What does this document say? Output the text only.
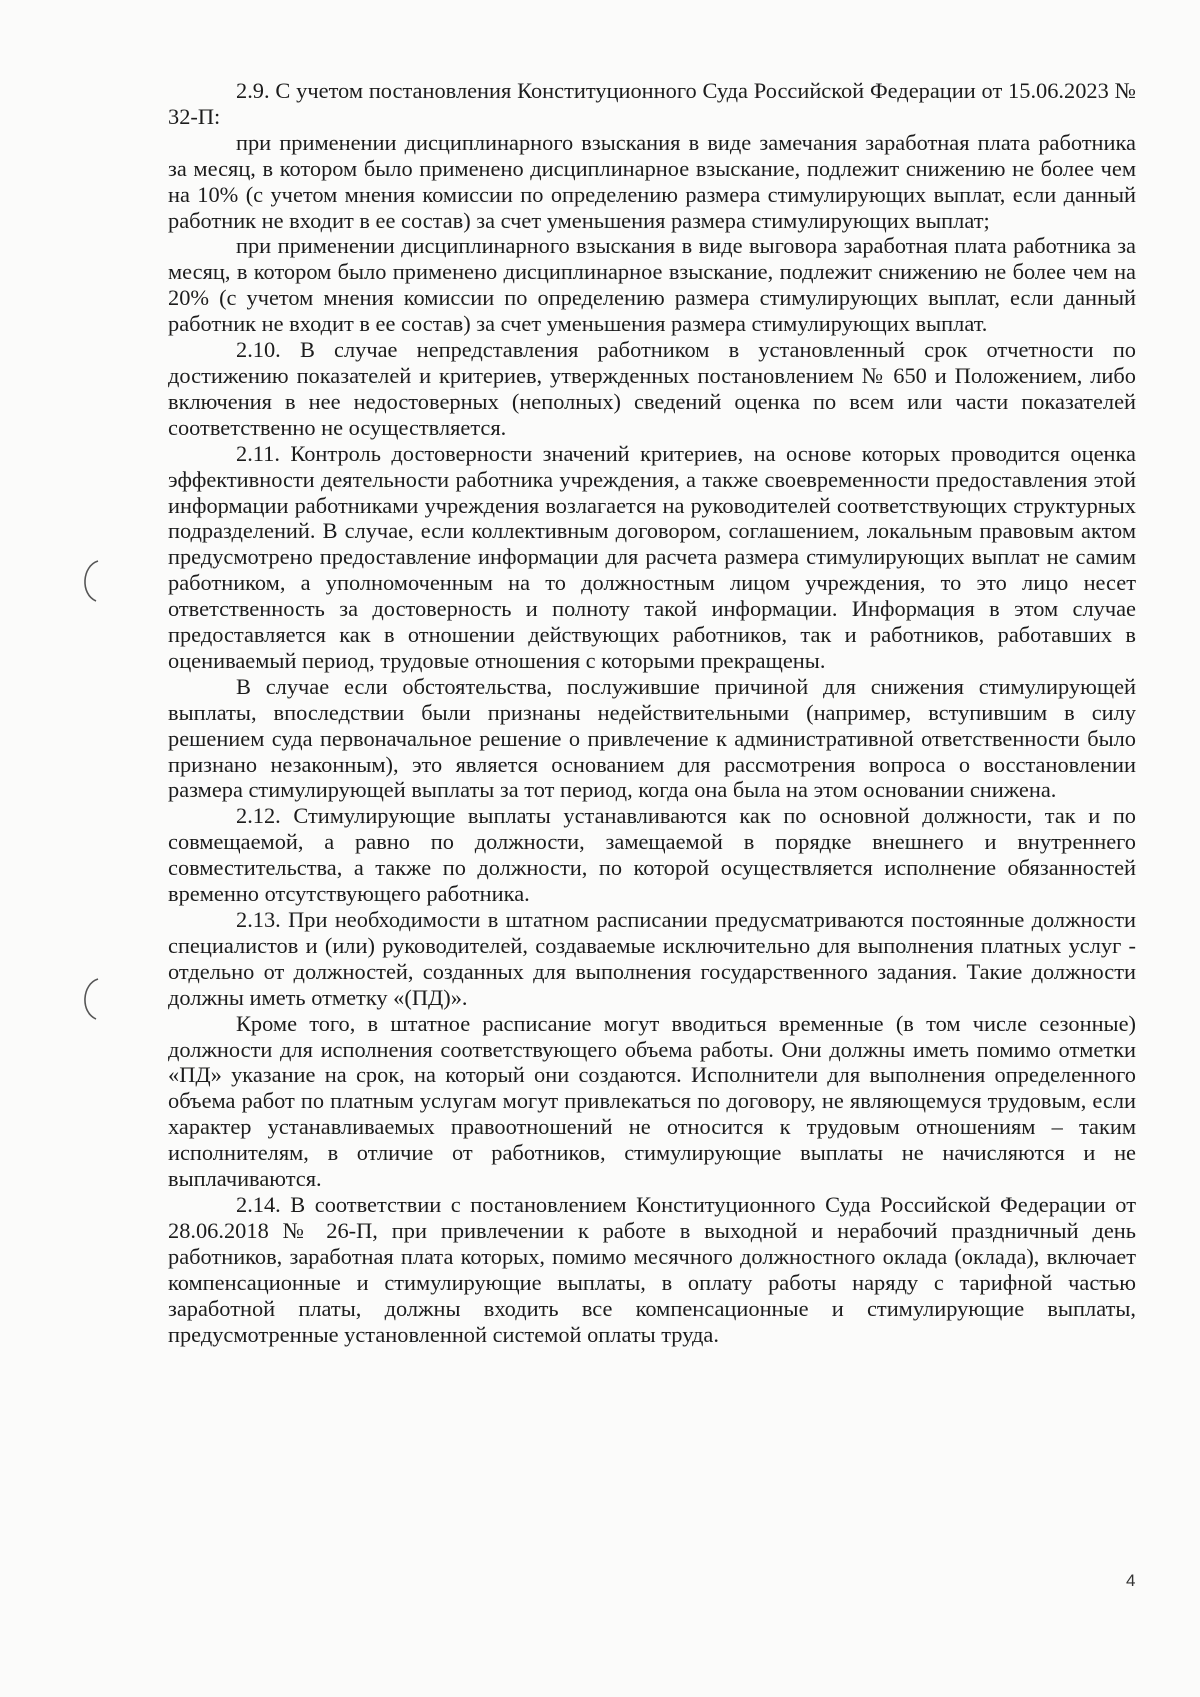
2.9. С учетом постановления Конституционного Суда Российской Федерации от 15.06.2023 № 32-П:

при применении дисциплинарного взыскания в виде замечания заработная плата работника за месяц, в котором было применено дисциплинарное взыскание, подлежит снижению не более чем на 10% (с учетом мнения комиссии по определению размера стимулирующих выплат, если данный работник не входит в ее состав) за счет уменьшения размера стимулирующих выплат;

при применении дисциплинарного взыскания в виде выговора заработная плата работника за месяц, в котором было применено дисциплинарное взыскание, подлежит снижению не более чем на 20% (с учетом мнения комиссии по определению размера стимулирующих выплат, если данный работник не входит в ее состав) за счет уменьшения размера стимулирующих выплат.

2.10. В случае непредставления работником в установленный срок отчетности по достижению показателей и критериев, утвержденных постановлением № 650 и Положением, либо включения в нее недостоверных (неполных) сведений оценка по всем или части показателей соответственно не осуществляется.

2.11. Контроль достоверности значений критериев, на основе которых проводится оценка эффективности деятельности работника учреждения, а также своевременности предоставления этой информации работниками учреждения возлагается на руководителей соответствующих структурных подразделений. В случае, если коллективным договором, соглашением, локальным правовым актом предусмотрено предоставление информации для расчета размера стимулирующих выплат не самим работником, а уполномоченным на то должностным лицом учреждения, то это лицо несет ответственность за достоверность и полноту такой информации. Информация в этом случае предоставляется как в отношении действующих работников, так и работников, работавших в оцениваемый период, трудовые отношения с которыми прекращены.

В случае если обстоятельства, послужившие причиной для снижения стимулирующей выплаты, впоследствии были признаны недействительными (например, вступившим в силу решением суда первоначальное решение о привлечение к административной ответственности было признано незаконным), это является основанием для рассмотрения вопроса о восстановлении размера стимулирующей выплаты за тот период, когда она была на этом основании снижена.

2.12. Стимулирующие выплаты устанавливаются как по основной должности, так и по совмещаемой, а равно по должности, замещаемой в порядке внешнего и внутреннего совместительства, а также по должности, по которой осуществляется исполнение обязанностей временно отсутствующего работника.

2.13. При необходимости в штатном расписании предусматриваются постоянные должности специалистов и (или) руководителей, создаваемые исключительно для выполнения платных услуг - отдельно от должностей, созданных для выполнения государственного задания. Такие должности должны иметь отметку «(ПД)».

Кроме того, в штатное расписание могут вводиться временные (в том числе сезонные) должности для исполнения соответствующего объема работы. Они должны иметь помимо отметки «ПД» указание на срок, на который они создаются. Исполнители для выполнения определенного объема работ по платным услугам могут привлекаться по договору, не являющемуся трудовым, если характер устанавливаемых правоотношений не относится к трудовым отношениям – таким исполнителям, в отличие от работников, стимулирующие выплаты не начисляются и не выплачиваются.

2.14. В соответствии с постановлением Конституционного Суда Российской Федерации от 28.06.2018 № 26-П, при привлечении к работе в выходной и нерабочий праздничный день работников, заработная плата которых, помимо месячного должностного оклада (оклада), включает компенсационные и стимулирующие выплаты, в оплату работы наряду с тарифной частью заработной платы, должны входить все компенсационные и стимулирующие выплаты, предусмотренные установленной системой оплаты труда.

4
